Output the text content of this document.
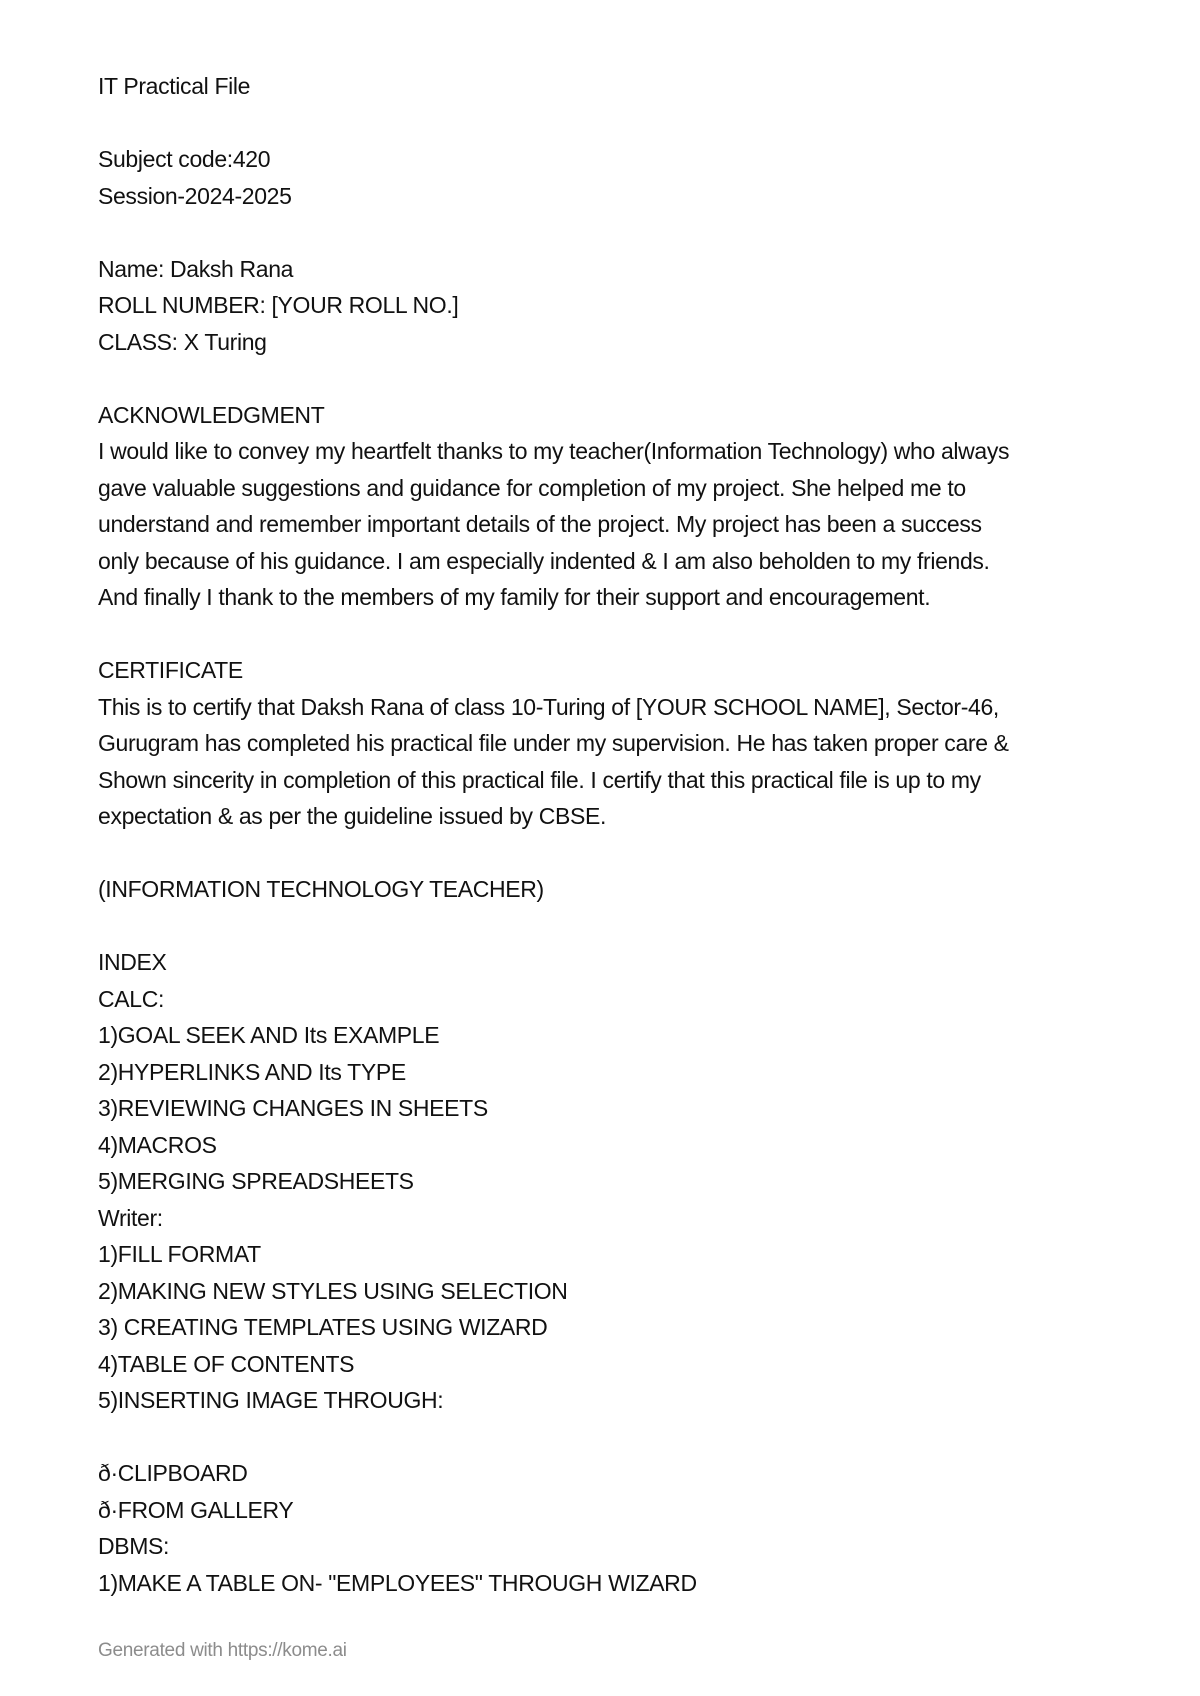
IT Practical File
Subject code:420
Session-2024-2025
Name: Daksh Rana
ROLL NUMBER: [YOUR ROLL NO.]
CLASS: X Turing
ACKNOWLEDGMENT
I would like to convey my heartfelt thanks to my teacher(Information Technology) who always
gave valuable suggestions and guidance for completion of my project. She helped me to
understand and remember important details of the project. My project has been a success
only because of his guidance. I am especially indented & I am also beholden to my friends.
And finally I thank to the members of my family for their support and encouragement.
CERTIFICATE
This is to certify that Daksh Rana of class 10-Turing of [YOUR SCHOOL NAME], Sector-46,
Gurugram has completed his practical file under my supervision. He has taken proper care &
Shown sincerity in completion of this practical file. I certify that this practical file is up to my
expectation & as per the guideline issued by CBSE.
(INFORMATION TECHNOLOGY TEACHER)
INDEX
CALC:
1)GOAL SEEK AND Its EXAMPLE
2)HYPERLINKS AND Its TYPE
3)REVIEWING CHANGES IN SHEETS
4)MACROS
5)MERGING SPREADSHEETS
Writer:
1)FILL FORMAT
2)MAKING NEW STYLES USING SELECTION
3) CREATING TEMPLATES USING WIZARD
4)TABLE OF CONTENTS
5)INSERTING IMAGE THROUGH:
ð·CLIPBOARD
ð·FROM GALLERY
DBMS:
1)MAKE A TABLE ON- "EMPLOYEES" THROUGH WIZARD
Generated with https://kome.ai
